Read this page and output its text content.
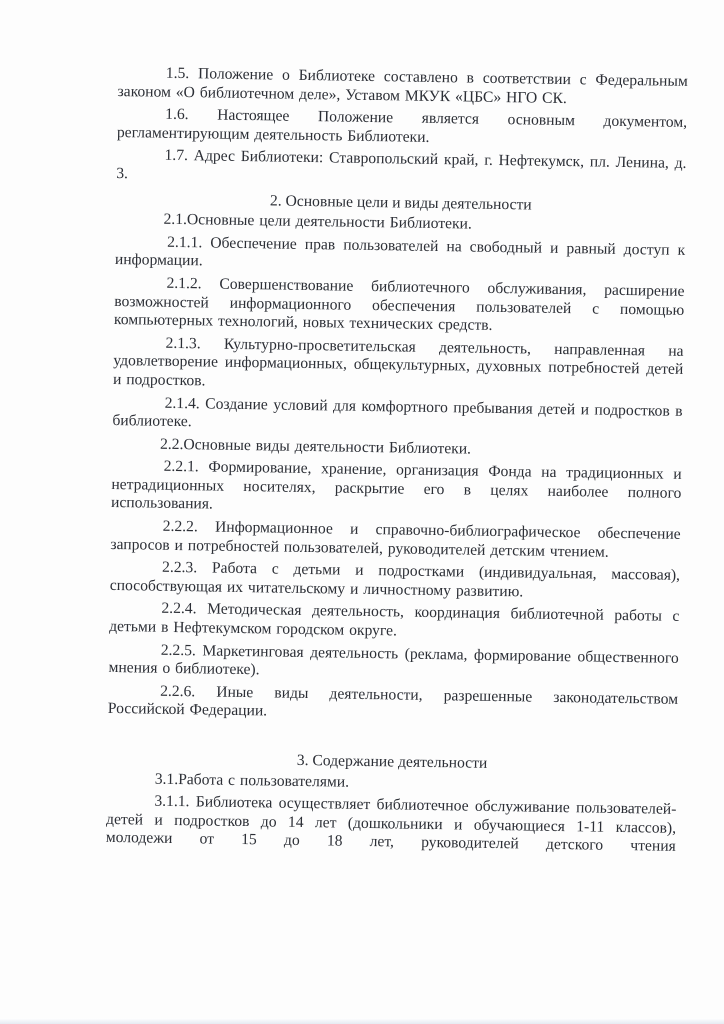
1.5. Положение о Библиотеке составлено в соответствии с Федеральным законом «О библиотечном деле», Уставом МКУК «ЦБС» НГО СК.

1.6. Настоящее Положение является основным документом, регламентирующим деятельность Библиотеки.

1.7. Адрес Библиотеки: Ставропольский край, г. Нефтекумск, пл. Ленина, д. 3.

2. Основные цели и виды деятельности

2.1.Основные цели деятельности Библиотеки.

2.1.1. Обеспечение прав пользователей на свободный и равный доступ к информации.

2.1.2. Совершенствование библиотечного обслуживания, расширение возможностей информационного обеспечения пользователей с помощью компьютерных технологий, новых технических средств.

2.1.3. Культурно-просветительская деятельность, направленная на удовлетворение информационных, общекультурных, духовных потребностей детей и подростков.

2.1.4. Создание условий для комфортного пребывания детей и подростков в библиотеке.

2.2.Основные виды деятельности Библиотеки.

2.2.1. Формирование, хранение, организация Фонда на традиционных и нетрадиционных носителях, раскрытие его в целях наиболее полного использования.

2.2.2. Информационное и справочно-библиографическое обеспечение запросов и потребностей пользователей, руководителей детским чтением.

2.2.3. Работа с детьми и подростками (индивидуальная, массовая), способствующая их читательскому и личностному развитию.

2.2.4. Методическая деятельность, координация библиотечной работы с детьми в Нефтекумском городском округе.

2.2.5. Маркетинговая деятельность (реклама, формирование общественного мнения о библиотеке).

2.2.6. Иные виды деятельности, разрешенные законодательством Российской Федерации.

3. Содержание деятельности

3.1.Работа с пользователями.

3.1.1. Библиотека осуществляет библиотечное обслуживание пользователей-детей и подростков до 14 лет (дошкольники и обучающиеся 1-11 классов), молодежи от 15 до 18 лет, руководителей детского чтения
